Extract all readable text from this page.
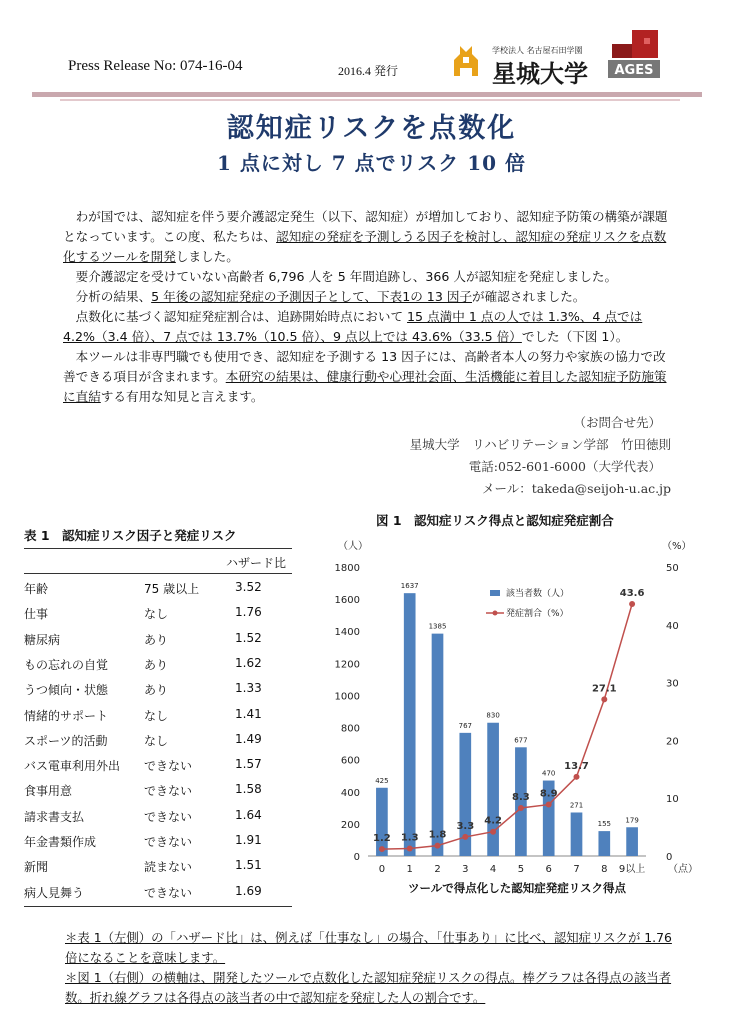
Press Release No: 074-16-04	2016.4 発行
学校法人 名古屋石田学園
星城大学 AGES
認知症リスクを点数化
1 点に対し 7 点でリスク 10 倍
わが国では、認知症を伴う要介護認定発生（以下、認知症）が増加しており、認知症予防策の構築が課題となっています。この度、私たちは、認知症の発症を予測しうる因子を検討し、認知症の発症リスクを点数化するツールを開発しました。
要介護認定を受けていない高齢者 6,796 人を 5 年間追跡し、366 人が認知症を発症しました。
分析の結果、5 年後の認知症発症の予測因子として、下表1の 13 因子が確認されました。
点数化に基づく認知症発症割合は、追跡開始時点において 15 点満中 1 点の人では 1.3%、4 点では 4.2%（3.4 倍）、7 点では 13.7%（10.5 倍）、9 点以上では 43.6%（33.5 倍）でした（下図 1）。
本ツールは非専門職でも使用でき、認知症を予測する 13 因子には、高齢者本人の努力や家族の協力で改善できる項目が含まれます。本研究の結果は、健康行動や心理社会面、生活機能に着目した認知症予防施策に直結する有用な知見と言えます。
（お問合せ先）
星城大学　リハビリテーション学部　竹田徳則
電話:052-601-6000（大学代表）
メール：takeda@seijoh-u.ac.jp
表 1　認知症リスク因子と発症リスク
ハザード比
年齢	75 歳以上	3.52
仕事	なし	1.76
糖尿病	あり	1.52
もの忘れの自覚	あり	1.62
うつ傾向・状態	あり	1.33
情緒的サポート	なし	1.41
スポーツ的活動	なし	1.49
バス電車利用外出 できない	1.57
食事用意	できない	1.58
請求書支払	できない	1.64
年金書類作成	できない	1.91
新聞	読まない	1.51
病人見舞う	できない	1.69
図 1　認知症リスク得点と認知症発症割合
0
200
400
600
800
1000
1200
1400
1600
1800
0
10
20
30
40
50
（人）	（%）
425
1637
1385
767
830
677
470
271
155 179
1.2 1.3 1.8
3.3 4.2
8.3 8.9
13.7
27.1
43.6
0 1 2 3 4 5 6 7 8 9以上 （点）
ツールで得点化した認知症発症リスク得点
該当者数（人）
発症割合（%）
＊表 1（左側）の「ハザード比」は、例えば「仕事なし」の場合、「仕事あり」に比べ、認知症リスクが 1.76 倍になることを意味します。
＊図 1（右側）の横軸は、開発したツールで点数化した認知症発症リスクの得点。棒グラフは各得点の該当者数。折れ線グラフは各得点の該当者の中で認知症を発症した人の割合です。
